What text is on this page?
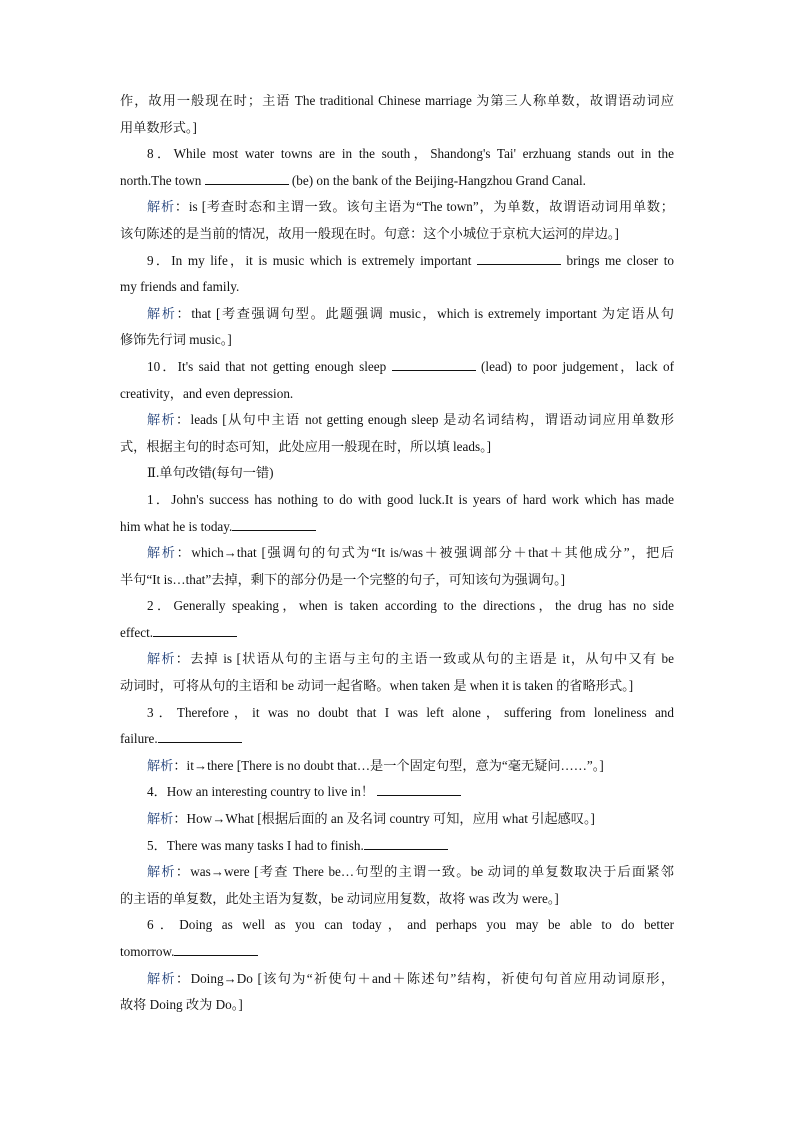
作，故用一般现在时；主语 The traditional Chinese marriage 为第三人称单数，故谓语动词应
用单数形式。]
8．While most water towns are in the south，Shandong's Tai' erzhuang stands out in the
north.The town	(be) on the bank of the Beijing-Hangzhou Grand Canal.
解析：is [考查时态和主谓一致。该句主语为“The town”，为单数，故谓语动词用单数；
该句陈述的是当前的情况，故用一般现在时。句意：这个小城位于京杭大运河的岸边。]
9．In my life，it is music which is extremely important	brings me closer to
my friends and family.
解析：that [考查强调句型。此题强调 music，which is extremely important 为定语从句
修饰先行词 music。]
10．It's said that not getting enough sleep	(lead) to poor judgement，lack of
creativity，and even depression.
解析：leads [从句中主语 not getting enough sleep 是动名词结构，谓语动词应用单数形
式，根据主句的时态可知，此处应用一般现在时，所以填 leads。]
Ⅱ.单句改错(每句一错)
1．John's success has nothing to do with good luck.It is years of hard work which has made
him what he is today.
解析：which→that [强调句的句式为“It is/was＋被强调部分＋that＋其他成分”，把后
半句“It is…that”去掉，剩下的部分仍是一个完整的句子，可知该句为强调句。]
2．Generally speaking，when is taken according to the directions，the drug has no side
effect.
解析：去掉 is [状语从句的主语与主句的主语一致或从句的主语是 it，从句中又有 be
动词时，可将从句的主语和 be 动词一起省略。when taken 是 when it is taken 的省略形式。]
3．Therefore，it was no doubt that I was left alone，suffering from loneliness and
failure.
解析：it→there [There is no doubt that…是一个固定句型，意为“毫无疑问……”。]
4．How an interesting country to live in！
解析：How→What [根据后面的 an 及名词 country 可知，应用 what 引起感叹。]
5．There was many tasks I had to finish.
解析：was→were [考查 There be…句型的主谓一致。be 动词的单复数取决于后面紧邻
的主语的单复数，此处主语为复数，be 动词应用复数，故将 was 改为 were。]
6．Doing as well as you can today，and perhaps you may be able to do better
tomorrow.
解析：Doing→Do [该句为“祈使句＋and＋陈述句”结构，祈使句句首应用动词原形，
故将 Doing 改为 Do。]
